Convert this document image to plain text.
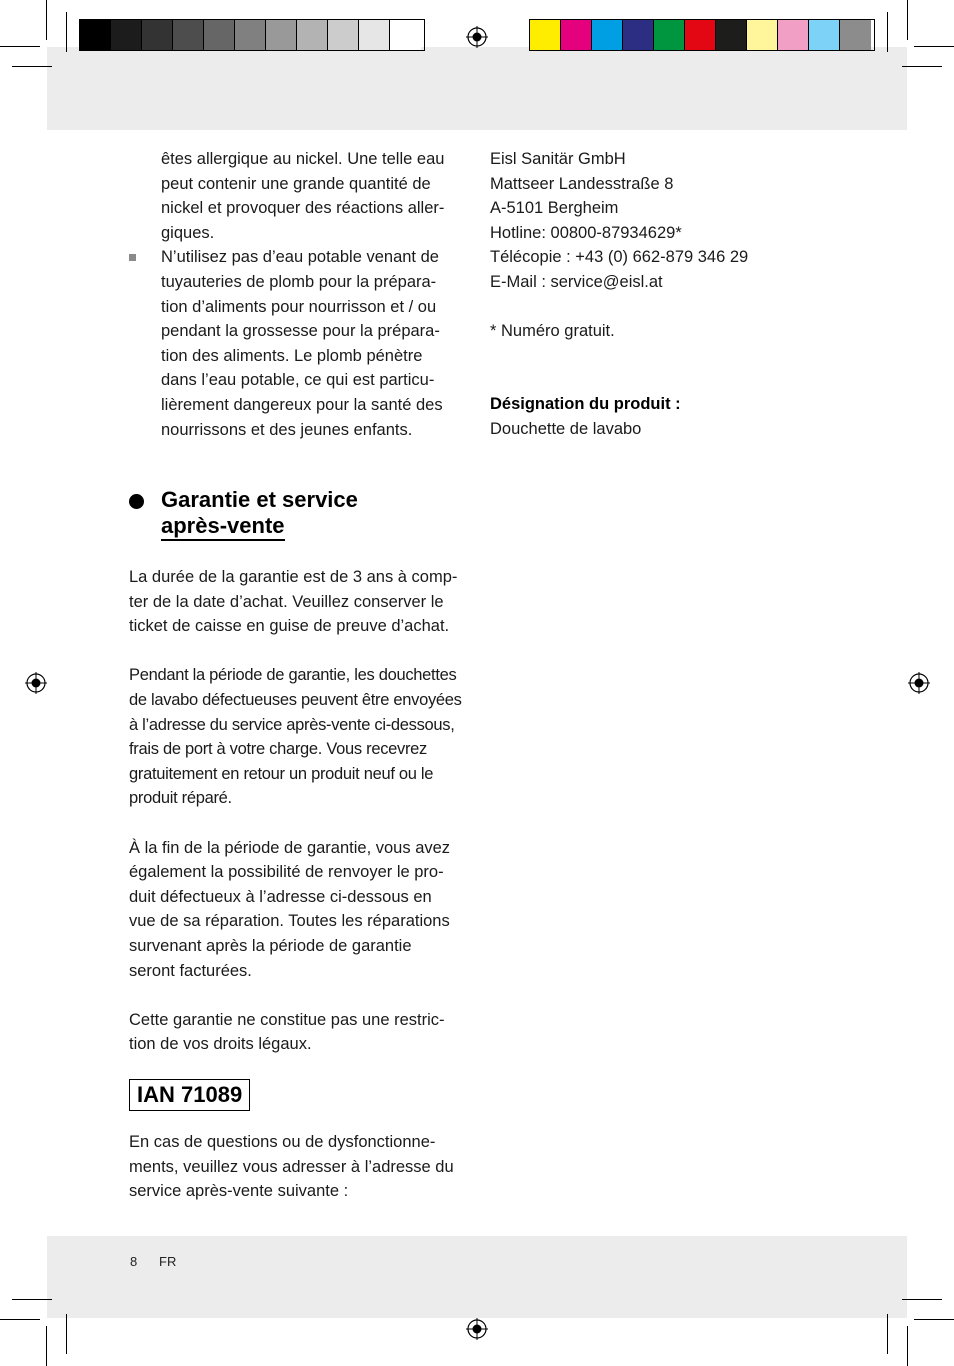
êtes allergique au nickel. Une telle eau

peut contenir une grande quantité de

nickel et provoquer des réactions aller-

giques.

N’utilisez pas d’eau potable venant de

tuyauteries de plomb pour la prépara-

tion d’aliments pour nourrisson et / ou

pendant la grossesse pour la prépara-

tion des aliments. Le plomb pénètre

dans l’eau potable, ce qui est particu-

lièrement dangereux pour la santé des

nourrissons et des jeunes enfants.

Garantie et service
après-vente

La durée de la garantie est de 3 ans à comp-

ter de la date d’achat. Veuillez conserver le

ticket de caisse en guise de preuve d’achat.

Pendant la période de garantie, les douchettes

de lavabo défectueuses peuvent être envoyées

à l’adresse du service après-vente ci-dessous,

frais de port à votre charge. Vous recevrez

gratuitement en retour un produit neuf ou le

produit réparé.

À la fin de la période de garantie, vous avez

également la possibilité de renvoyer le pro-

duit défectueux à l’adresse ci-dessous en

vue de sa réparation. Toutes les réparations

survenant après la période de garantie

seront facturées.

Cette garantie ne constitue pas une restric-

tion de vos droits légaux.

IAN 71089

En cas de questions ou de dysfonctionne-

ments, veuillez vous adresser à l’adresse du

service après-vente suivante :

Eisl Sanitär GmbH

Mattseer Landesstraße 8

A-5101 Bergheim

Hotline: 00800-87934629*

Télécopie : +43 (0) 662-879 346 29

E-Mail : service@eisl.at

* Numéro gratuit.

Désignation du produit :

Douchette de lavabo

8 FR
